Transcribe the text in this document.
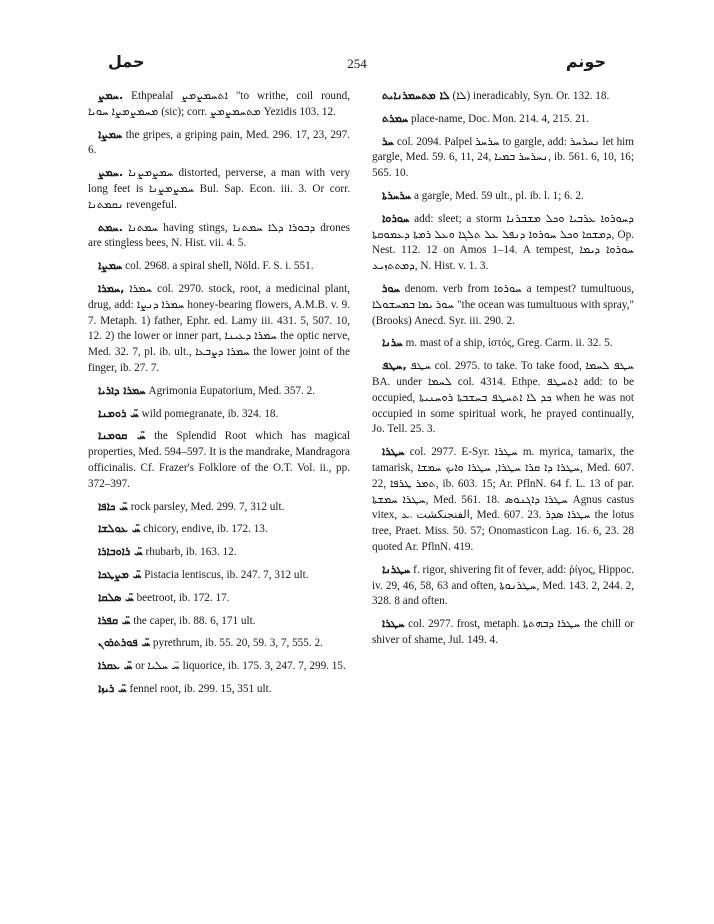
حمل	254	حونم

ܚܡܨ. Ethpealal ܐܬܚܡܨܡܨ "to writhe, coil round, ܡܚܡܨܡܨܐ ܚܘܝܐ (sic); corr. ܡܬܚܡܨܡܨ Yezidis 103. 12.

ܚܡܨܐ the gripes, a griping pain, Med. 296. 17, 23, 297. 6.

ܚܡܨ. ܚܡܨܡܨܢܐ distorted, perverse, a man with very long feet is ܚܡܨܡܨܢܐ Bul. Sap. Econ. iii. 3. Or corr. ܢܩܡܬܢܐ revengeful.

ܚܡܬ. ܚܡܬܢܐ having stings, ܕܒܘܪܐ ܕܠܐ ܚܡܬܢܐ drones are stingless bees, N. Hist. vii. 4. 5.

ܚܡܨܐ col. 2968. a spiral shell, Nöld. F. S. i. 551.

ܚܡܪܐ, ܚܡܪܐ col. 2970. stock, root, a medicinal plant, drug, add: ܚܡܪܐ ܕܢܨܐ honey-bearing flowers, A.M.B. v. 9. 7. Metaph. 1) father, Ephr. ed. Lamy iii. 431. 5, 507. 10, 12. 2) the lower or inner part, ܚܡܪܐ ܕܥܝܢܐ the optic nerve, Med. 32. 7, pl. ib. ult., ܚܡܪܐ ܕܨܒܥܐ the lower joint of the finger, ib. 27. 7.

ܚܡܪܐ ܕܐܪܝܐ Agrimonia Eupatorium, Med. 357. 2.

ܚ̈ ܪܘܡܢܐ wild pomegranate, ib. 324. 18.

ܚ̈ ܩܘܡܢܐ the Splendid Root which has magical properties, Med. 594–597. It is the mandrake, Mandragora officinalis. Cf. Frazer's Folklore of the O.T. Vol. ii., pp. 372–397.

ܚ̈ ܟܐܦܐ rock parsley, Med. 299. 7, 312 ult.

ܚ̈ ܥܘܠܫܐ chicory, endive, ib. 172. 13.

ܚ̈ ܪܐܘܒܐܪܐ rhubarb, ib. 163. 12.

ܚ̈ ܡܨܛܟܐ Pistacia lentiscus, ib. 247. 7, 312 ult.

ܚ̈ ܣܠܩܐ beetroot, ib. 172. 17.

ܚ̈ ܩܦܪܐ the caper, ib. 88. 6, 171 ult.

ܚ̈ ܦܘܪܬܪܘܢ pyrethrum, ib. 55. 20, 59. 3, 7, 555. 2.

ܚ̈ ܥܩܪܐ or ܚ̈ ܚܠܝܐ liquorice, ib. 175. 3, 247. 7, 299. 15.

ܚ̈ ܪܝܙܐ fennel root, ib. 299. 15, 351 ult.

ܠܐ ܡܬܚܡܪܢܐܝܬ (ܠܐ) ineradicably, Syn. Or. 132. 18.

ܚܡܪܬ place-name, Doc. Mon. 214. 4, 215. 21.

ܚܪ col. 2094. Palpel ܚܪܚܪ to gargle, add: ܢܚܪܚܪ let him gargle, Med. 59. 6, 11, 24, ܢܚܪܚܪ ܒܡܝܐ, ib. 561. 6, 10, 16; 565. 10.

ܚܪܚܪܬܐ a gargle, Med. 59 ult., pl. ib. l. 1; 6. 2.

ܚܘܪܘܐ add: sleet; a storm ܕܚܘܪܘܐ ܥܪܒܝܐ ܘܟܠ ܡܫܒܪܢܐ ܕܡܫܩܐ ܘܟܠ ܚܘܪܘܐ ܕܢܦܠ ܥܠ ܬܠܓܐ ܘܥܠ ܪܡܬܐ ܕܥܡܘܩܬܐ, Op. Nest. 112. 12 on Amos 1–14. A tempest, ܚܘܪܘܐ ܕܝܡܐ ܕܡܬܬܙܝܥ, N. Hist. v. 1. 3.

ܚܘܪ denom. verb from ܚܘܪܘܐ a tempest? tumultuous, ܚܘܪ ܝܡܐ ܒܡܚܫܘܠܐ "the ocean was tumultuous with spray," (Brooks) Anecd. Syr. iii. 290. 2.

ܚܪܢܐ m. mast of a ship, ἱστός, Greg. Carm. ii. 32. 5.

ܚܛܦ, ܚܛܦ col. 2975. to take. To take food, ܚܛܦ ܠܚܡܐ BA. under ܠܚܡܐ col. 4314. Ethpe. ܐܬܚܛܦ add: to be occupied, ܟܕ ܠܐ ܐܬܚܛܦ ܒܚܫܒܬܐ ܪܘܚܢܝܬܐ when he was not occupied in some spiritual work, he prayed continually, Jo. Tell. 25. 3.

ܚܛܪܐ col. 2977. E-Syr. ܚܛܪܐ m. myrica, tamarix, the tamarisk, ܚܛܪܐ ܕܐ ܩܪܐ ܚܛܪܐ, ܚܛܪܐ ܘܐܝܟ ܚܡܫܐ, Med. 607. 22, ܬܡܪ ܛܪܦܐ, ib. 603. 15; Ar. PflnN. 64 f. L. 13 of par. ܚܛܪܐ ܚܡܫܬܐ, Med. 561. 18. ܚܛܪܐ ܕܐܓܢܘܣ Agnus castus vitex, الفنجنكشت .ܥ, Med. 607. 23. ܚܛܪܐ ܣܕܪ the lotus tree, Praet. Miss. 50. 57; Onomasticon Lag. 16. 6, 23. 28 quoted Ar. PflnN. 419.

ܚܛܪܢܐ f. rigor, shivering fit of fever, add: ῥίγος, Hippoc. iv. 29, 46, 58, 63 and often, ܚܛܪܢܘܬܐ, Med. 143. 2, 244. 2, 328. 8 and often.

ܚܛܪܐ col. 2977. frost, metaph. ܚܛܪܐ ܕܒܗܬܬܐ the chill or shiver of shame, Jul. 149. 4.
